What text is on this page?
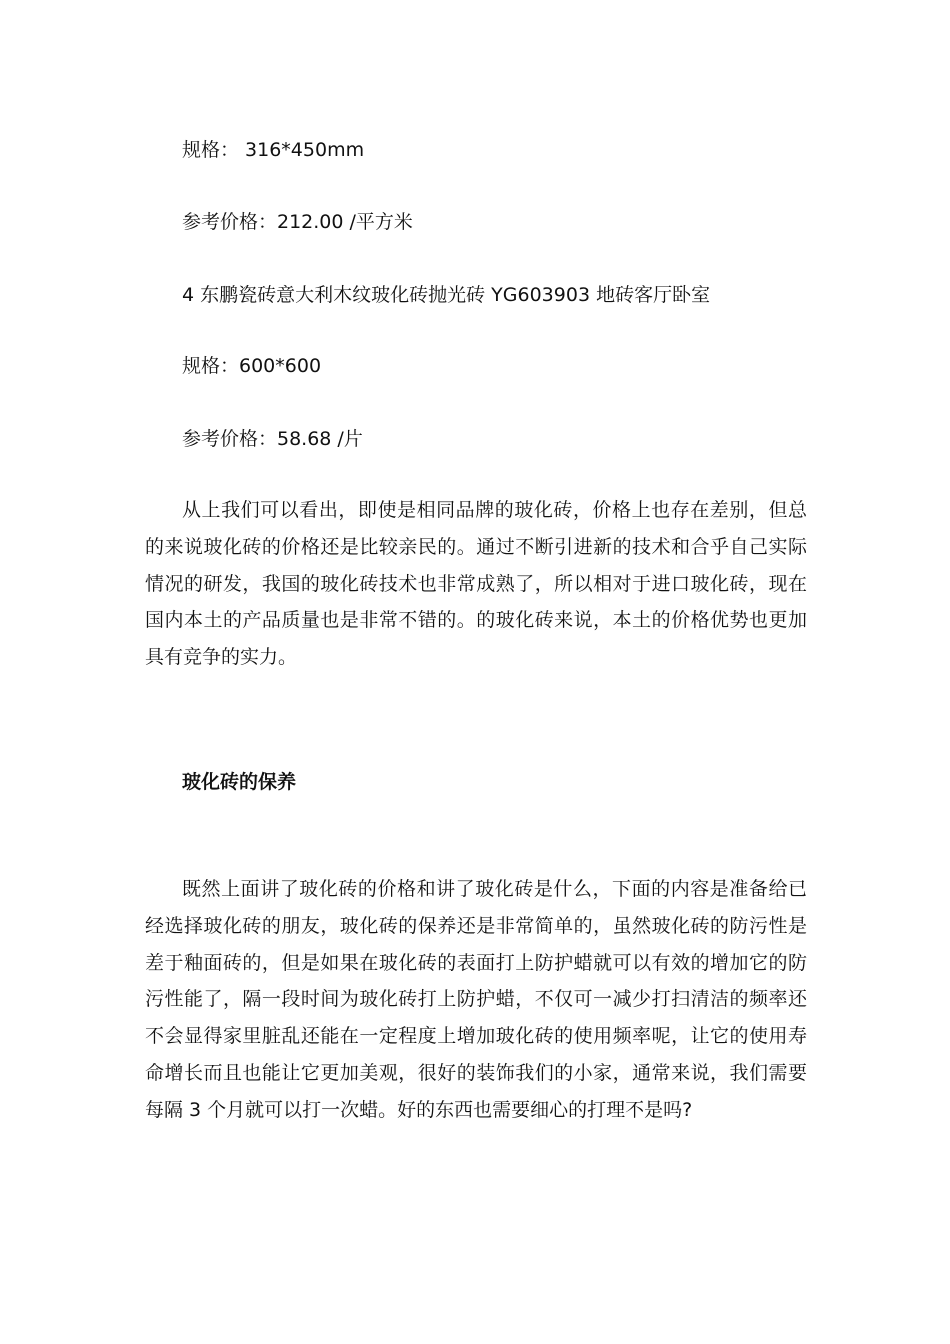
规格： 316*450mm
参考价格：212.00 /平方米
4 东鹏瓷砖意大利木纹玻化砖抛光砖 YG603903 地砖客厅卧室
规格：600*600
参考价格：58.68 /片

从上我们可以看出，即使是相同品牌的玻化砖，价格上也存在差别，但总的来说玻化砖的价格还是比较亲民的。通过不断引进新的技术和合乎自己实际情况的研发，我国的玻化砖技术也非常成熟了，所以相对于进口玻化砖，现在国内本土的产品质量也是非常不错的。的玻化砖来说，本土的价格优势也更加具有竞争的实力。

玻化砖的保养

既然上面讲了玻化砖的价格和讲了玻化砖是什么，下面的内容是准备给已经选择玻化砖的朋友，玻化砖的保养还是非常简单的，虽然玻化砖的防污性是差于釉面砖的，但是如果在玻化砖的表面打上防护蜡就可以有效的增加它的防污性能了，隔一段时间为玻化砖打上防护蜡，不仅可一减少打扫清洁的频率还不会显得家里脏乱还能在一定程度上增加玻化砖的使用频率呢，让它的使用寿命增长而且也能让它更加美观，很好的装饰我们的小家，通常来说，我们需要每隔 3 个月就可以打一次蜡。好的东西也需要细心的打理不是吗?
